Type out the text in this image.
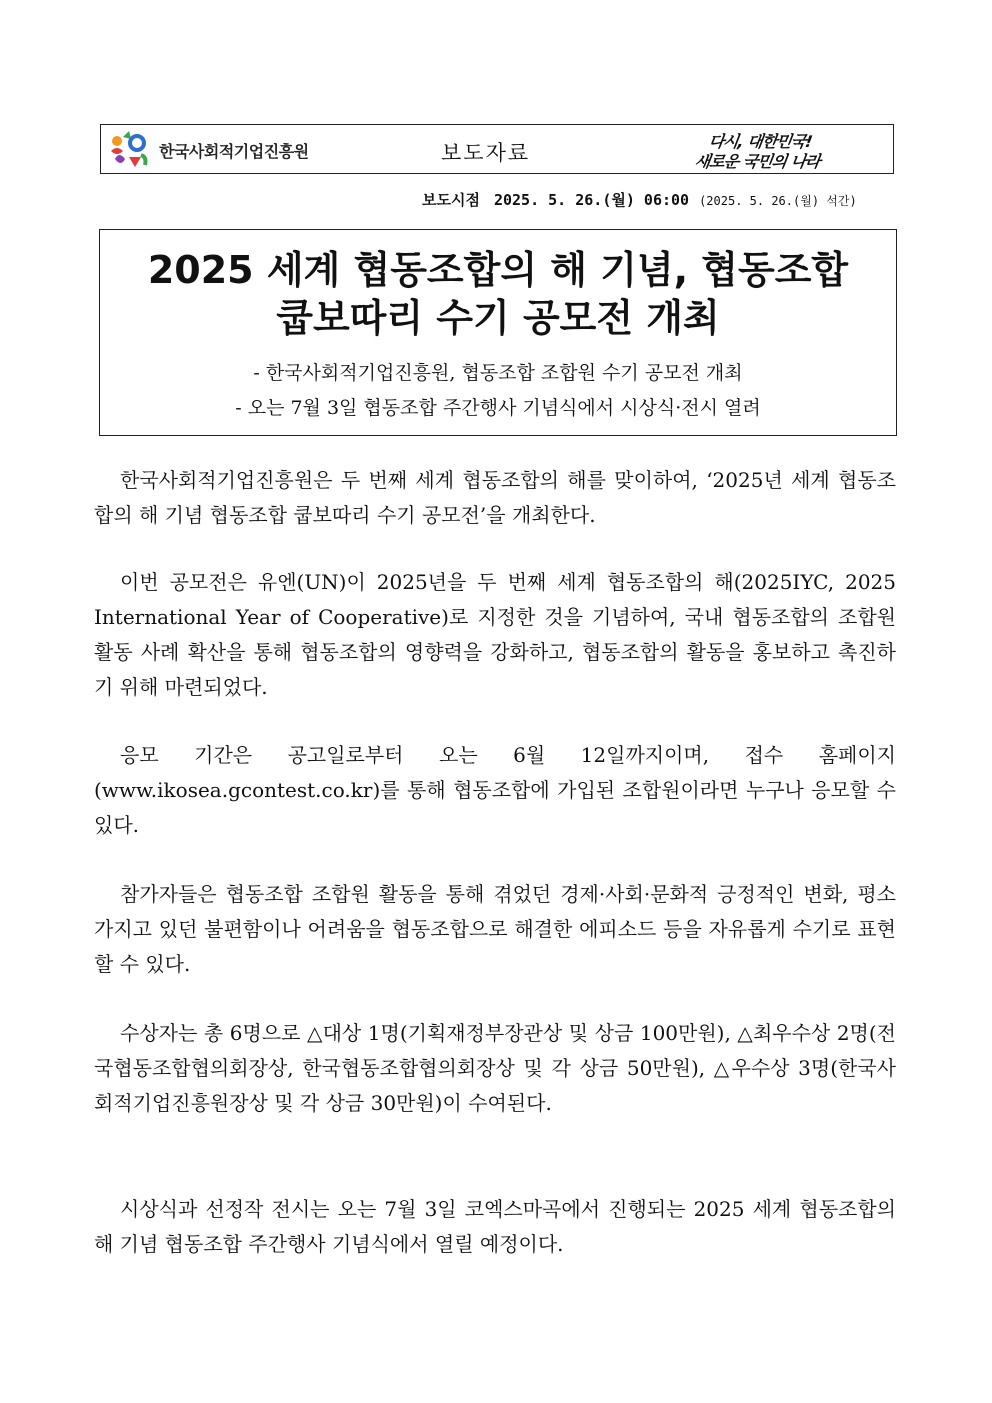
한국사회적기업진흥원	보도자료	다시, 대한민국!
새로운 국민의 나라
보도시점 2025. 5. 26.(월) 06:00 (2025. 5. 26.(월) 석간)
2025 세계 협동조합의 해 기념, 협동조합
쿱보따리 수기 공모전 개최
- 한국사회적기업진흥원, 협동조합 조합원 수기 공모전 개최
- 오는 7월 3일 협동조합 주간행사 기념식에서 시상식·전시 열려

한국사회적기업진흥원은 두 번째 세계 협동조합의 해를 맞이하여, ‘2025년 세계 협동조합의 해 기념 협동조합 쿱보따리 수기 공모전’을 개최한다.

이번 공모전은 유엔(UN)이 2025년을 두 번째 세계 협동조합의 해(2025IYC, 2025 International Year of Cooperative)로 지정한 것을 기념하여, 국내 협동조합의 조합원 활동 사례 확산을 통해 협동조합의 영향력을 강화하고, 협동조합의 활동을 홍보하고 촉진하기 위해 마련되었다.

응모 기간은 공고일로부터 오는 6월 12일까지이며, 접수 홈페이지(www.ikosea.gcontest.co.kr)를 통해 협동조합에 가입된 조합원이라면 누구나 응모할 수 있다.

참가자들은 협동조합 조합원 활동을 통해 겪었던 경제·사회·문화적 긍정적인 변화, 평소 가지고 있던 불편함이나 어려움을 협동조합으로 해결한 에피소드 등을 자유롭게 수기로 표현할 수 있다.

수상자는 총 6명으로 △대상 1명(기획재정부장관상 및 상금 100만원), △최우수상 2명(전국협동조합협의회장상, 한국협동조합협의회장상 및 각 상금 50만원), △우수상 3명(한국사회적기업진흥원장상 및 각 상금 30만원)이 수여된다.

시상식과 선정작 전시는 오는 7월 3일 코엑스마곡에서 진행되는 2025 세계 협동조합의 해 기념 협동조합 주간행사 기념식에서 열릴 예정이다.
